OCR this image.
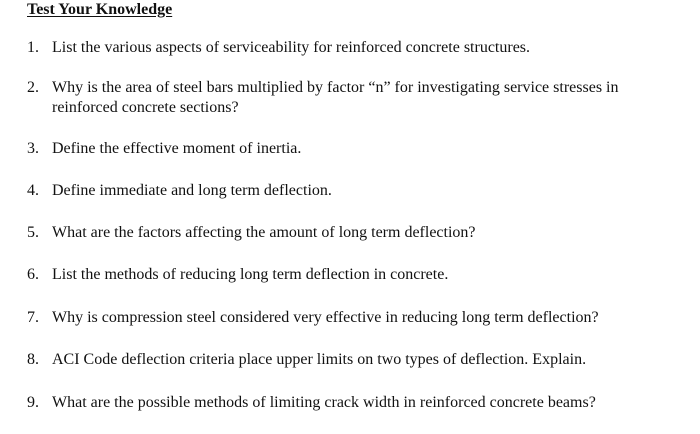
Test Your Knowledge
1. List the various aspects of serviceability for reinforced concrete structures.
2. Why is the area of steel bars multiplied by factor “n” for investigating service stresses in reinforced concrete sections?
3. Define the effective moment of inertia.
4. Define immediate and long term deflection.
5. What are the factors affecting the amount of long term deflection?
6. List the methods of reducing long term deflection in concrete.
7. Why is compression steel considered very effective in reducing long term deflection?
8. ACI Code deflection criteria place upper limits on two types of deflection. Explain.
9. What are the possible methods of limiting crack width in reinforced concrete beams?
